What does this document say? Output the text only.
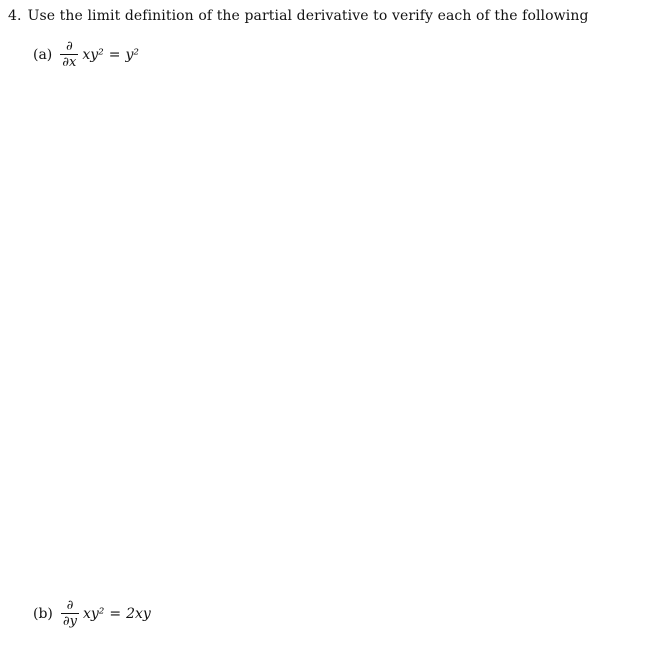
4. Use the limit definition of the partial derivative to verify each of the following
$(a) \frac{\partial}{\partial x} xy^2 = y^2$
$(b) \frac{\partial}{\partial y} xy^2 = 2xy$
